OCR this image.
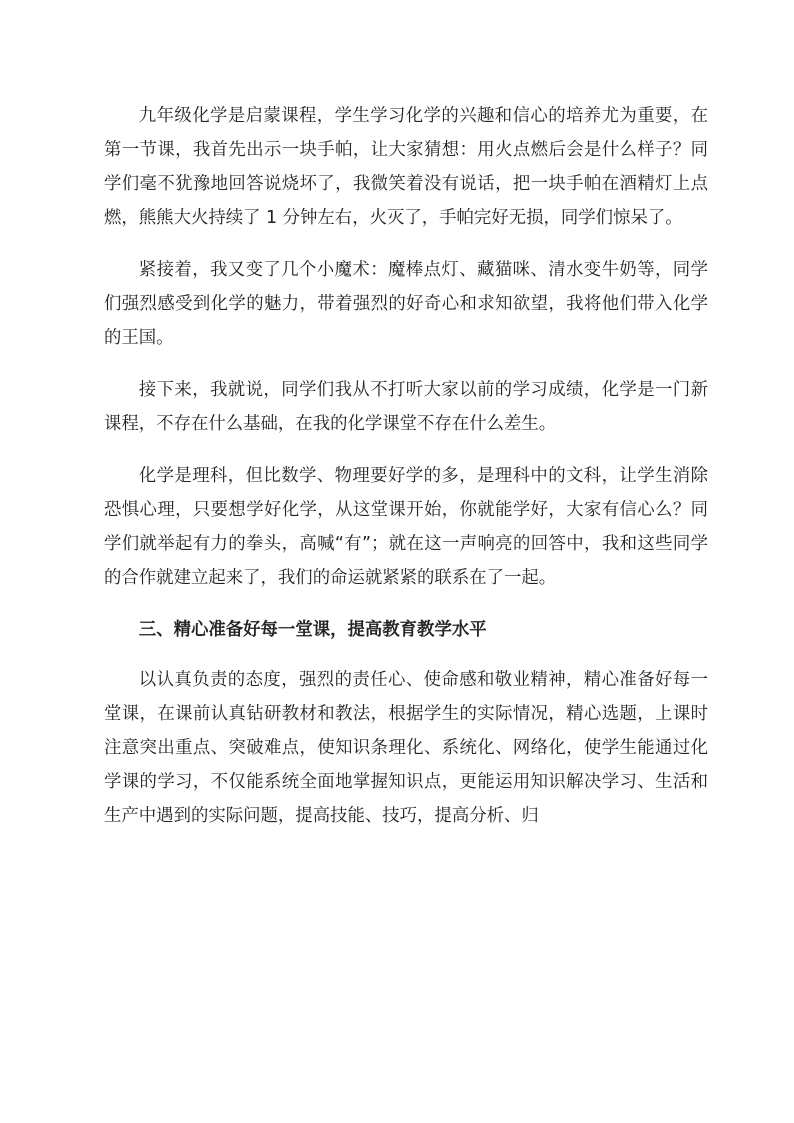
九年级化学是启蒙课程，学生学习化学的兴趣和信心的培养尤为重要，在第一节课，我首先出示一块手帕，让大家猜想：用火点燃后会是什么样子？同学们毫不犹豫地回答说烧坏了，我微笑着没有说话，把一块手帕在酒精灯上点燃，熊熊大火持续了 1 分钟左右，火灭了，手帕完好无损，同学们惊呆了。

紧接着，我又变了几个小魔术：魔棒点灯、藏猫咪、清水变牛奶等，同学们强烈感受到化学的魅力，带着强烈的好奇心和求知欲望，我将他们带入化学的王国。

接下来，我就说，同学们我从不打听大家以前的学习成绩，化学是一门新课程，不存在什么基础，在我的化学课堂不存在什么差生。

化学是理科，但比数学、物理要好学的多，是理科中的文科，让学生消除恐惧心理，只要想学好化学，从这堂课开始，你就能学好，大家有信心么？同学们就举起有力的拳头，高喊“有”；就在这一声响亮的回答中，我和这些同学的合作就建立起来了，我们的命运就紧紧的联系在了一起。

三、精心准备好每一堂课，提高教育教学水平

以认真负责的态度，强烈的责任心、使命感和敬业精神，精心准备好每一堂课，在课前认真钻研教材和教法，根据学生的实际情况，精心选题，上课时注意突出重点、突破难点，使知识条理化、系统化、网络化，使学生能通过化学课的学习，不仅能系统全面地掌握知识点，更能运用知识解决学习、生活和生产中遇到的实际问题，提高技能、技巧，提高分析、归
